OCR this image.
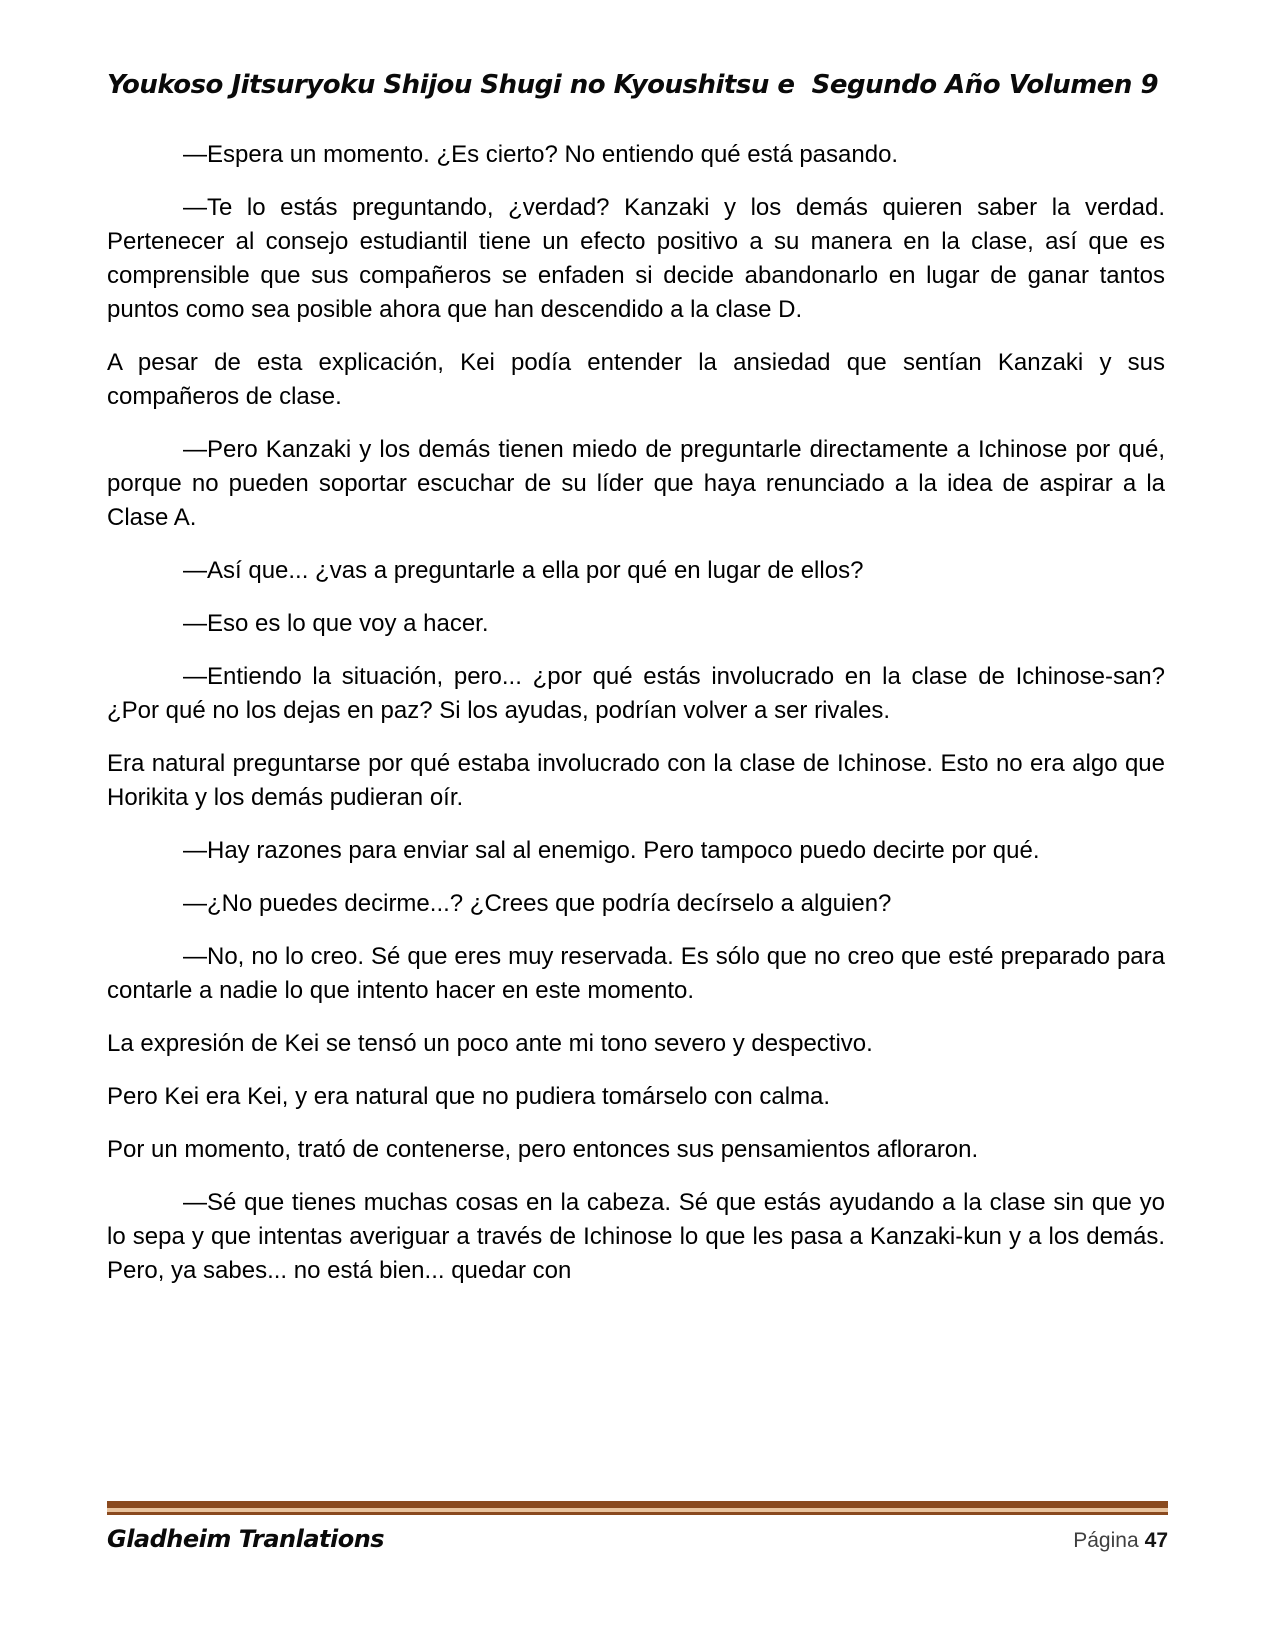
Youkoso Jitsuryoku Shijou Shugi no Kyoushitsu e  Segundo Año Volumen 9

—Espera un momento. ¿Es cierto? No entiendo qué está pasando.

—Te lo estás preguntando, ¿verdad? Kanzaki y los demás quieren saber la verdad. Pertenecer al consejo estudiantil tiene un efecto positivo a su manera en la clase, así que es comprensible que sus compañeros se enfaden si decide abandonarlo en lugar de ganar tantos puntos como sea posible ahora que han descendido a la clase D.

A pesar de esta explicación, Kei podía entender la ansiedad que sentían Kanzaki y sus compañeros de clase.

—Pero Kanzaki y los demás tienen miedo de preguntarle directamente a Ichinose por qué, porque no pueden soportar escuchar de su líder que haya renunciado a la idea de aspirar a la Clase A.

—Así que... ¿vas a preguntarle a ella por qué en lugar de ellos?

—Eso es lo que voy a hacer.

—Entiendo la situación, pero... ¿por qué estás involucrado en la clase de Ichinose-san? ¿Por qué no los dejas en paz? Si los ayudas, podrían volver a ser rivales.

Era natural preguntarse por qué estaba involucrado con la clase de Ichinose. Esto no era algo que Horikita y los demás pudieran oír.

—Hay razones para enviar sal al enemigo. Pero tampoco puedo decirte por qué.

—¿No puedes decirme...? ¿Crees que podría decírselo a alguien?

—No, no lo creo. Sé que eres muy reservada. Es sólo que no creo que esté preparado para contarle a nadie lo que intento hacer en este momento.

La expresión de Kei se tensó un poco ante mi tono severo y despectivo.

Pero Kei era Kei, y era natural que no pudiera tomárselo con calma.

Por un momento, trató de contenerse, pero entonces sus pensamientos afloraron.

—Sé que tienes muchas cosas en la cabeza. Sé que estás ayudando a la clase sin que yo lo sepa y que intentas averiguar a través de Ichinose lo que les pasa a Kanzaki-kun y a los demás. Pero, ya sabes... no está bien... quedar con

Gladheim Tranlations	Página 47
